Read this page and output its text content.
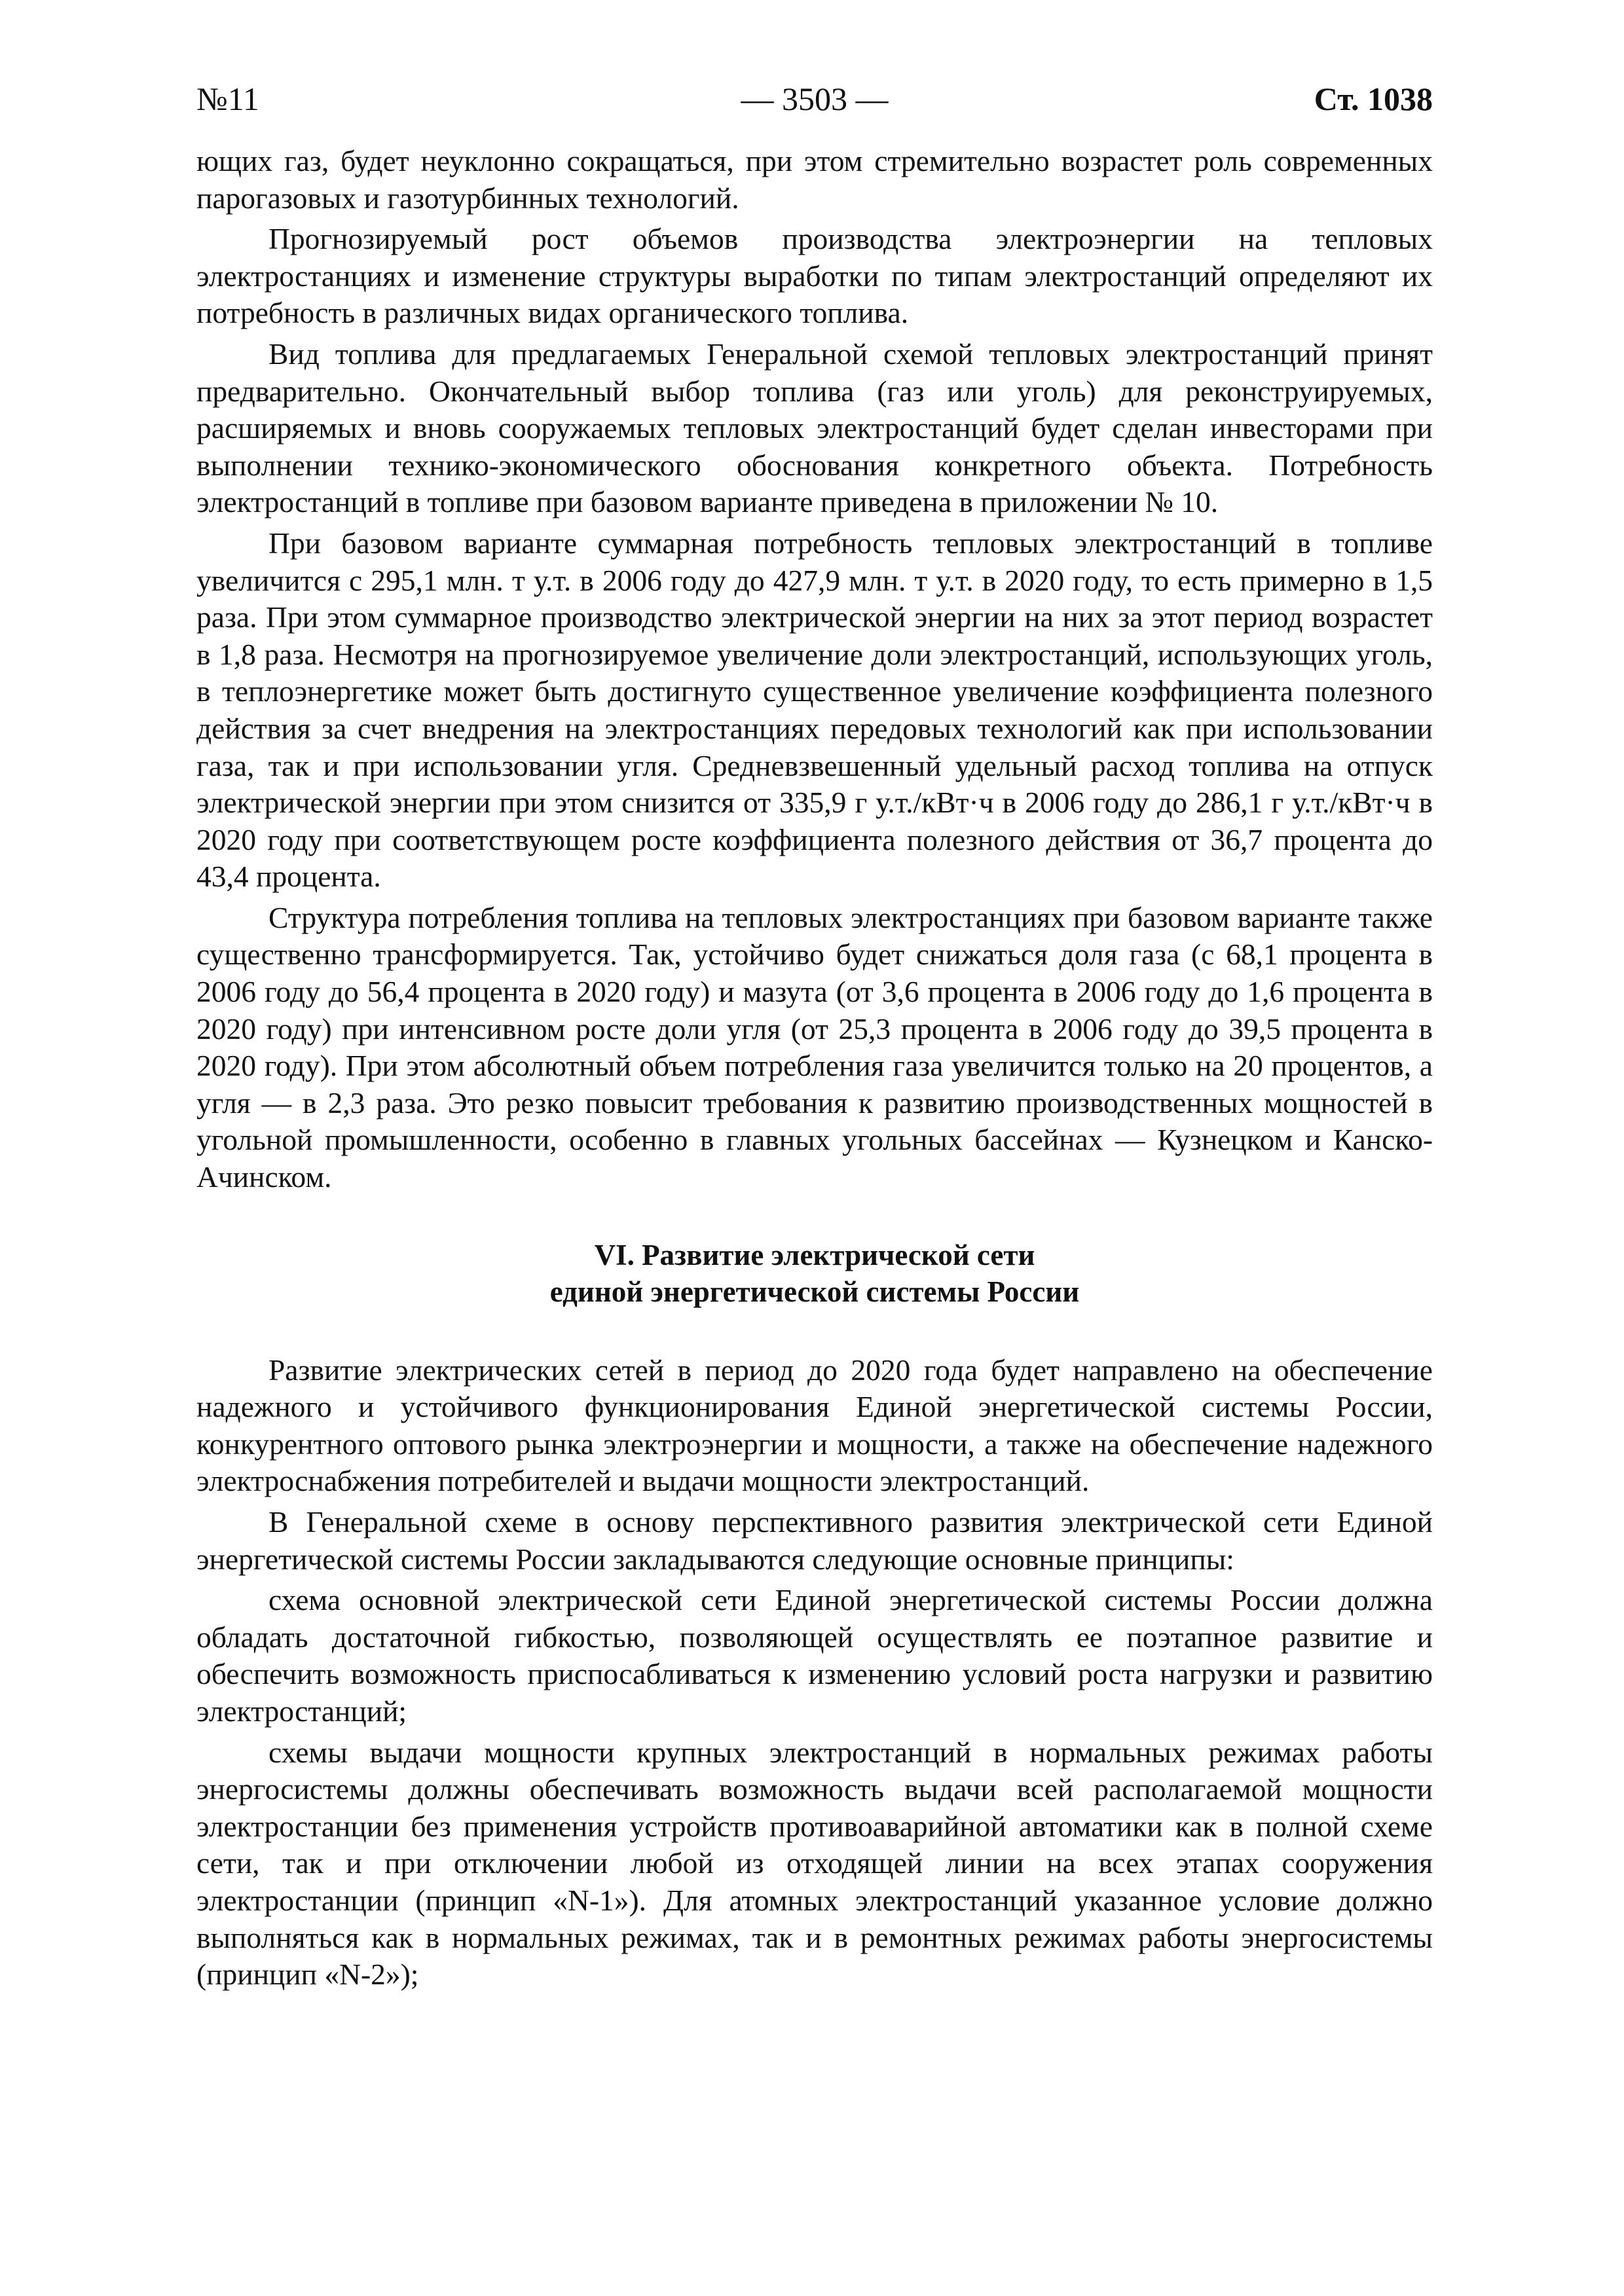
№11	— 3503 —	Ст. 1038

ющих газ, будет неуклонно сокращаться, при этом стремительно возрастет роль современных парогазовых и газотурбинных технологий.

Прогнозируемый рост объемов производства электроэнергии на тепловых электростанциях и изменение структуры выработки по типам электростанций определяют их потребность в различных видах органического топлива.

Вид топлива для предлагаемых Генеральной схемой тепловых электростанций принят предварительно. Окончательный выбор топлива (газ или уголь) для реконструируемых, расширяемых и вновь сооружаемых тепловых электростанций будет сделан инвесторами при выполнении технико-экономического обоснования конкретного объекта. Потребность электростанций в топливе при базовом варианте приведена в приложении № 10.

При базовом варианте суммарная потребность тепловых электростанций в топливе увеличится с 295,1 млн. т у.т. в 2006 году до 427,9 млн. т у.т. в 2020 году, то есть примерно в 1,5 раза. При этом суммарное производство электрической энергии на них за этот период возрастет в 1,8 раза. Несмотря на прогнозируемое увеличение доли электростанций, использующих уголь, в теплоэнергетике может быть достигнуто существенное увеличение коэффициента полезного действия за счет внедрения на электростанциях передовых технологий как при использовании газа, так и при использовании угля. Средневзвешенный удельный расход топлива на отпуск электрической энергии при этом снизится от 335,9 г у.т./кВт·ч в 2006 году до 286,1 г у.т./кВт·ч в 2020 году при соответствующем росте коэффициента полезного действия от 36,7 процента до 43,4 процента.

Структура потребления топлива на тепловых электростанциях при базовом варианте также существенно трансформируется. Так, устойчиво будет снижаться доля газа (с 68,1 процента в 2006 году до 56,4 процента в 2020 году) и мазута (от 3,6 процента в 2006 году до 1,6 процента в 2020 году) при интенсивном росте доли угля (от 25,3 процента в 2006 году до 39,5 процента в 2020 году). При этом абсолютный объем потребления газа увеличится только на 20 процентов, а угля — в 2,3 раза. Это резко повысит требования к развитию производственных мощностей в угольной промышленности, особенно в главных угольных бассейнах — Кузнецком и Канско-Ачинском.

VI. Развитие электрической сети
единой энергетической системы России

Развитие электрических сетей в период до 2020 года будет направлено на обеспечение надежного и устойчивого функционирования Единой энергетической системы России, конкурентного оптового рынка электроэнергии и мощности, а также на обеспечение надежного электроснабжения потребителей и выдачи мощности электростанций.

В Генеральной схеме в основу перспективного развития электрической сети Единой энергетической системы России закладываются следующие основные принципы:

схема основной электрической сети Единой энергетической системы России должна обладать достаточной гибкостью, позволяющей осуществлять ее поэтапное развитие и обеспечить возможность приспосабливаться к изменению условий роста нагрузки и развитию электростанций;

схемы выдачи мощности крупных электростанций в нормальных режимах работы энергосистемы должны обеспечивать возможность выдачи всей располагаемой мощности электростанции без применения устройств противоаварийной автоматики как в полной схеме сети, так и при отключении любой из отходящей линии на всех этапах сооружения электростанции (принцип «N-1»). Для атомных электростанций указанное условие должно выполняться как в нормальных режимах, так и в ремонтных режимах работы энергосистемы (принцип «N-2»);
